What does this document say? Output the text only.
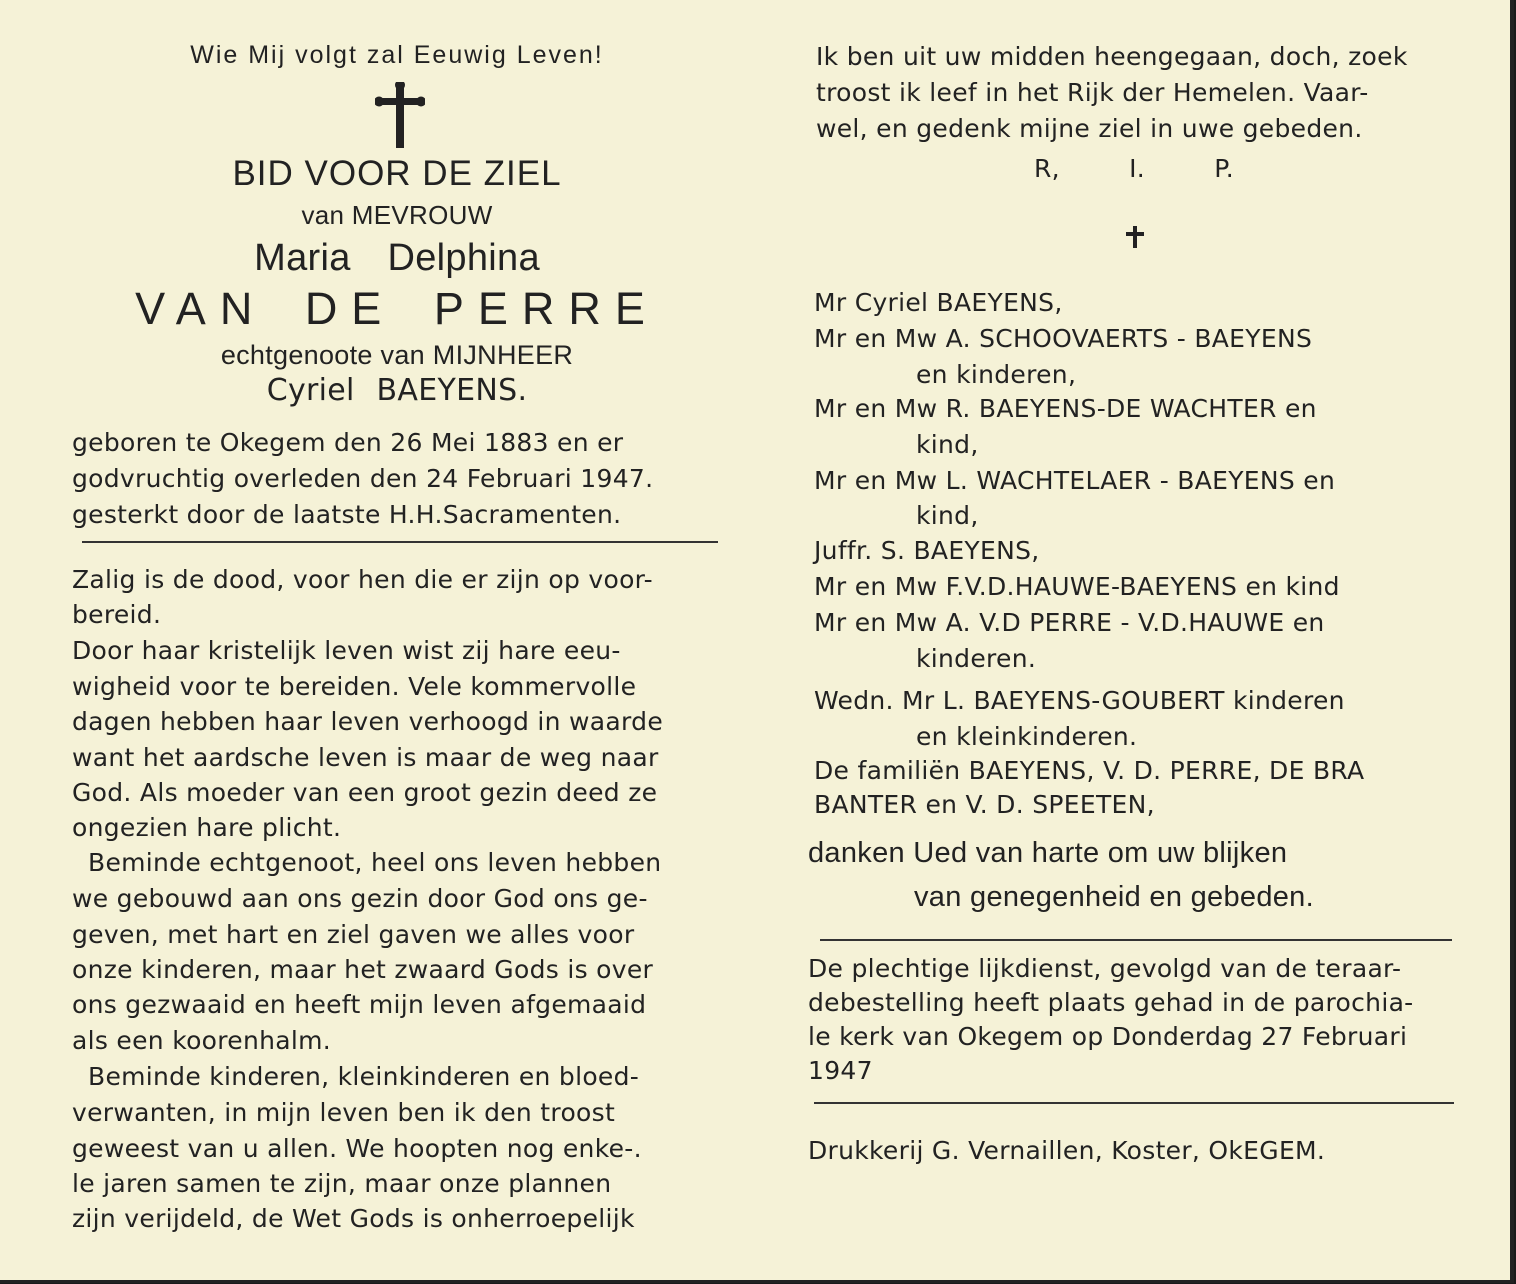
Wie Mij volgt zal Eeuwig Leven!
BID VOOR DE ZIEL
van MEVROUW
Maria Delphina
VAN DE PERRE
echtgenoote van MIJNHEER
Cyriel BAEYENS.
geboren te Okegem den 26 Mei 1883 en er
godvruchtig overleden den 24 Februari 1947.
gesterkt door de laatste H.H.Sacramenten.
Zalig is de dood, voor hen die er zijn op voor-
bereid.
Door haar kristelijk leven wist zij hare eeu-
wigheid voor te bereiden. Vele kommervolle
dagen hebben haar leven verhoogd in waarde
want het aardsche leven is maar de weg naar
God. Als moeder van een groot gezin deed ze
ongezien hare plicht.
Beminde echtgenoot, heel ons leven hebben
we gebouwd aan ons gezin door God ons ge-
geven, met hart en ziel gaven we alles voor
onze kinderen, maar het zwaard Gods is over
ons gezwaaid en heeft mijn leven afgemaaid
als een koorenhalm.
Beminde kinderen, kleinkinderen en bloed-
verwanten, in mijn leven ben ik den troost
geweest van u allen. We hoopten nog enke-.
le jaren samen te zijn, maar onze plannen
zijn verijdeld, de Wet Gods is onherroepelijk
Ik ben uit uw midden heengegaan, doch, zoek
troost ik leef in het Rijk der Hemelen. Vaar-
wel, en gedenk mijne ziel in uwe gebeden.
R,	I.	P.
Mr Cyriel BAEYENS,
Mr en Mw A. SCHOOVAERTS - BAEYENS
en kinderen,
Mr en Mw R. BAEYENS-DE WACHTER en
kind,
Mr en Mw L. WACHTELAER - BAEYENS en
kind,
Juffr. S. BAEYENS,
Mr en Mw F.V.D.HAUWE-BAEYENS en kind
Mr en Mw A. V.D PERRE - V.D.HAUWE en
kinderen.
Wedn. Mr L. BAEYENS-GOUBERT kinderen
en kleinkinderen.
De familiën BAEYENS, V. D. PERRE, DE BRA
BANTER en V. D. SPEETEN,
danken Ued van harte om uw blijken
van genegenheid en gebeden.
De plechtige lijkdienst, gevolgd van de teraar-
debestelling heeft plaats gehad in de parochia-
le kerk van Okegem op Donderdag 27 Februari
1947
Drukkerij G. Vernaillen, Koster, OkEGEM.
